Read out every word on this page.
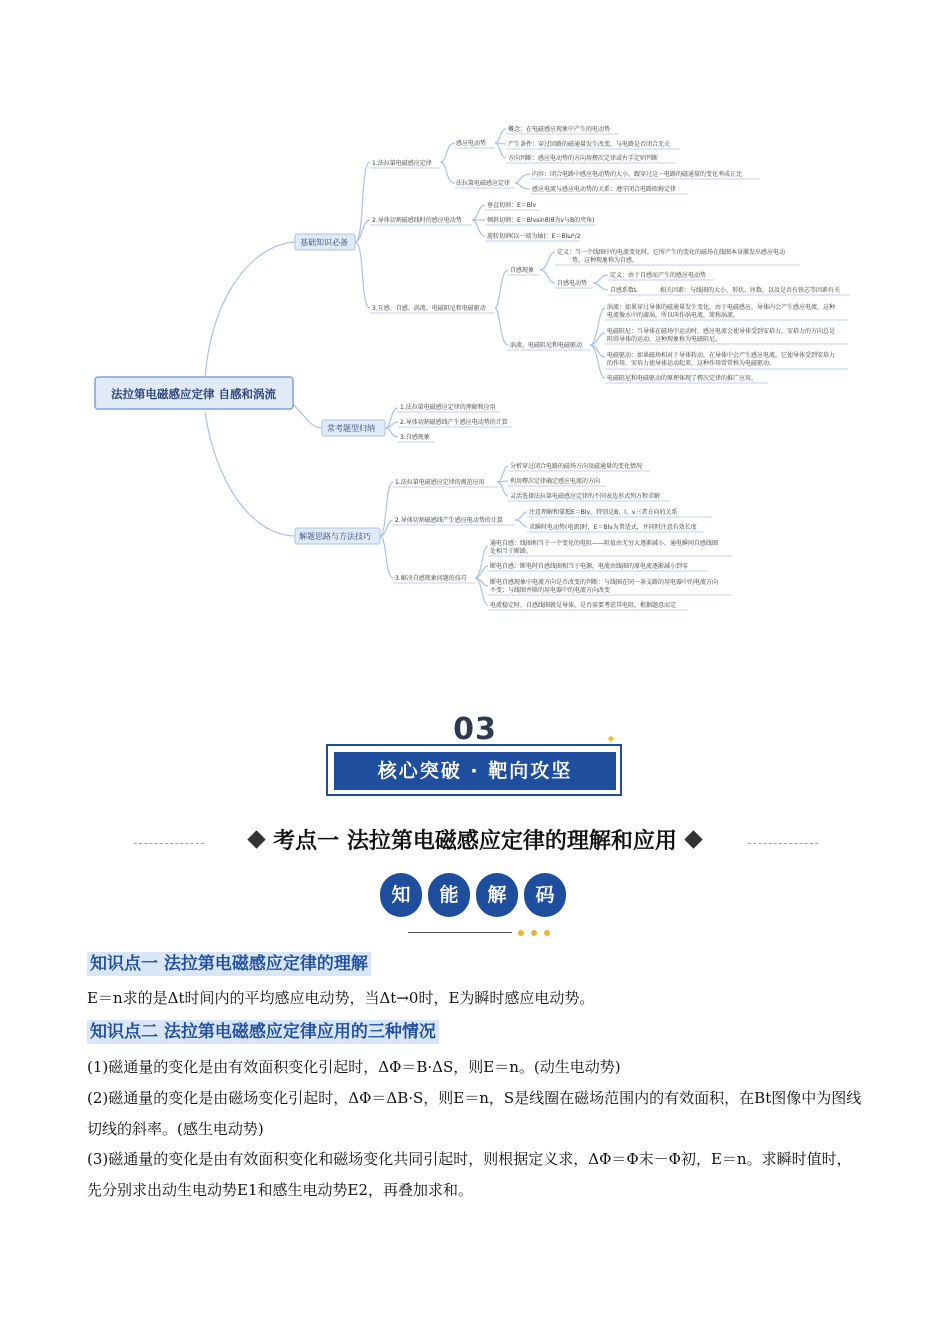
法拉第电磁感应定律 自感和涡流
基础知识必备
常考题型归纳
解题思路与方法技巧
1.法拉第电磁感应定律
感应电动势
概念：在电磁感应现象中产生的电动势
产生条件：穿过回路的磁通量发生改变，与电路是否闭合无关
方向判断：感应电动势的方向用楞次定律或右手定则判断
法拉第电磁感应定律
内容：闭合电路中感应电动势的大小，跟穿过这一电路的磁通量的变化率成正比
感应电流与感应电动势的关系：遵守闭合电路欧姆定律
2.导体切割磁感线时的感应电动势
垂直切割：E＝Blv
倾斜切割：E＝Blvsinθ(θ为v与B的夹角)
旋转切割(以一端为轴)：E＝Blω²/2
3.互感、自感、涡流、电磁阻尼和电磁驱动
自感现象
定义：当一个线圈中的电流变化时，它所产生的变化的磁场在线圈本身激发出感应电动
势，这种现象称为自感。
自感电动势
定义：由于自感而产生的感应电动势
自感系数L	相关因素：与线圈的大小、形状、匝数，以及是否有铁芯等因素有关
涡流、电磁阻尼和电磁驱动
涡流：如果穿过导体的磁通量发生变化，由于电磁感应，导体内会产生感应电流，这种
电流像水中的漩涡，所以叫作涡电流，简称涡流。
电磁阻尼：当导体在磁场中运动时，感应电流会使导体受到安培力，安培力的方向总是
阻碍导体的运动，这种现象称为电磁阻尼。
电磁驱动：如果磁场相对于导体转动，在导体中会产生感应电流，它使导体受到安培力
的作用，安培力使导体运动起来，这种作用常常称为电磁驱动。
电磁阻尼和电磁驱动的原理体现了楞次定律的推广应用。
1.法拉第电磁感应定律的理解和应用
2.导体切割磁感线产生感应电动势的计算
3.自感现象
1.法拉第电磁感应定律的规范应用
分析穿过闭合电路的磁场方向及磁通量的变化情况
利用楞次定律确定感应电流的方向
灵活选择法拉第电磁感应定律的不同表达形式列方程求解
2.导体切割磁感线产生感应电动势的计算
注意理解和掌握E＝Blv，特别是B、l、v三者方向的关系
求瞬时电动势(电流)时，E＝Blv为普适式，并同时注意有效长度
3.解决自感现象问题的技巧
通电自感：线圈相当于一个变化的电阻——阻值由无穷大逐渐减小，通电瞬间自感线圈
处相当于断路。
断电自感：断电时自感线圈相当于电源，电流由线圈的原电流逐渐减小到零
断电自感现象中电流方向是否改变的判断：与线圈在同一条支路的用电器中的电流方向
不变；与线圈并联的用电器中的电流方向改变
电流稳定时，自感线圈就是导体，是否需要考虑其电阻，根据题意而定
03
核心突破 · 靶向攻坚
✦
考点一 法拉第电磁感应定律的理解和应用
知	能	解	码
知识点一 法拉第电磁感应定律的理解
E＝n求的是Δt时间内的平均感应电动势，当Δt→0时，E为瞬时感应电动势。
知识点二 法拉第电磁感应定律应用的三种情况
(1)磁通量的变化是由有效面积变化引起时，ΔΦ＝B·ΔS，则E＝n。(动生电动势)
(2)磁通量的变化是由磁场变化引起时，ΔΦ＝ΔB·S，则E＝n，S是线圈在磁场范围内的有效面积，在Bt图像中为图线切线的斜率。(感生电动势)
(3)磁通量的变化是由有效面积变化和磁场变化共同引起时，则根据定义求，ΔΦ＝Φ末－Φ初，E＝n。求瞬时值时，先分别求出动生电动势E1和感生电动势E2，再叠加求和。
